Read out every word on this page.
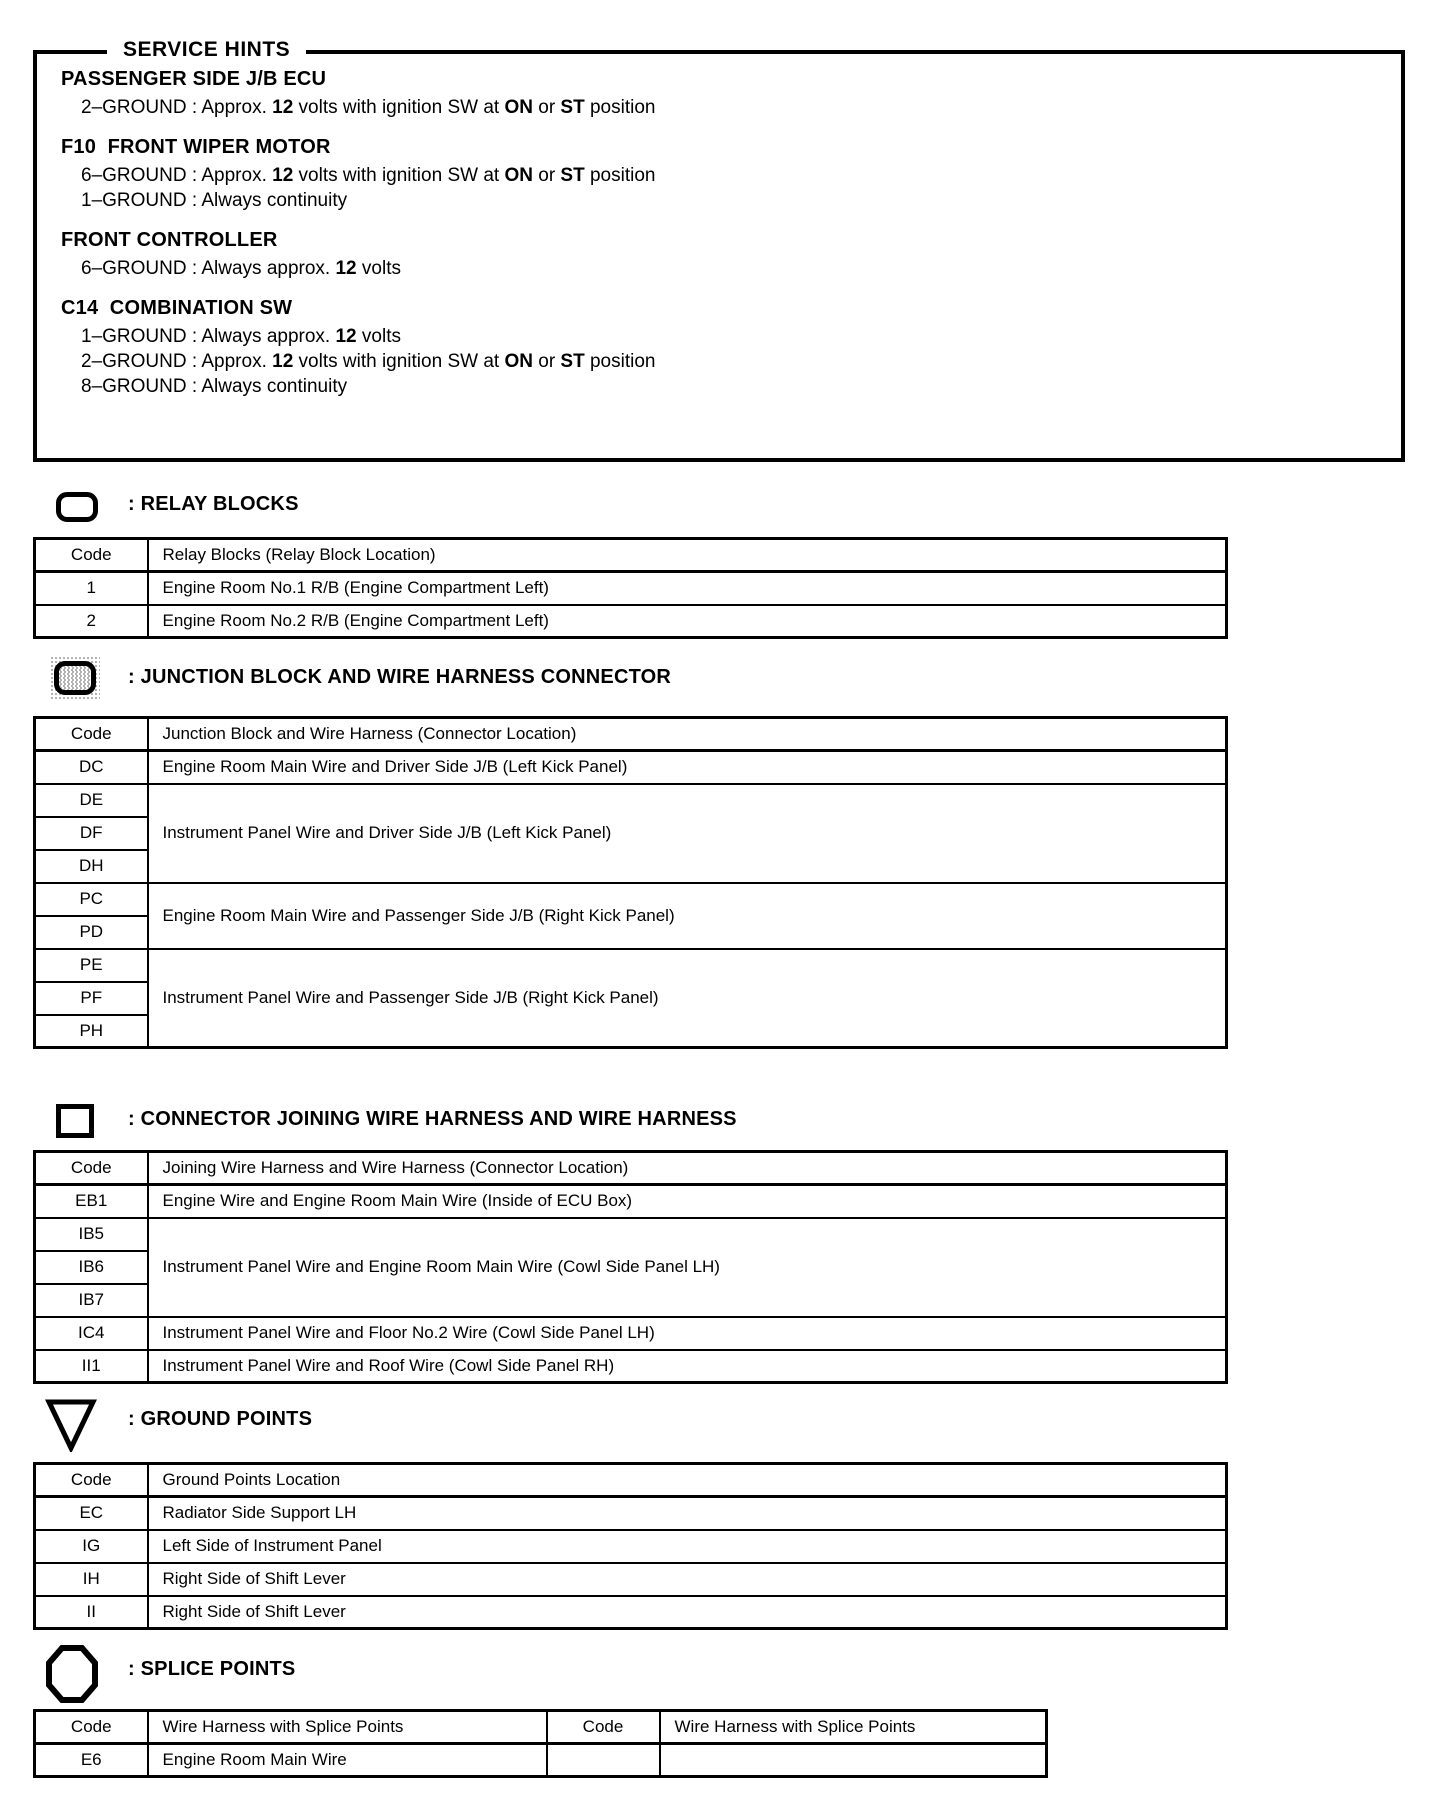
SERVICE HINTS
PASSENGER SIDE J/B ECU
2–GROUND : Approx. 12 volts with ignition SW at ON or ST position
F10  FRONT WIPER MOTOR
6–GROUND : Approx. 12 volts with ignition SW at ON or ST position
1–GROUND : Always continuity
FRONT CONTROLLER
6–GROUND : Always approx. 12 volts
C14  COMBINATION SW
1–GROUND : Always approx. 12 volts
2–GROUND : Approx. 12 volts with ignition SW at ON or ST position
8–GROUND : Always continuity
: RELAY BLOCKS
Code	Relay Blocks (Relay Block Location)
1	Engine Room No.1 R/B (Engine Compartment Left)
2	Engine Room No.2 R/B (Engine Compartment Left)
: JUNCTION BLOCK AND WIRE HARNESS CONNECTOR
Code	Junction Block and Wire Harness (Connector Location)
DC	Engine Room Main Wire and Driver Side J/B (Left Kick Panel)
DE	Instrument Panel Wire and Driver Side J/B (Left Kick Panel)
DF	
DH	
PC	Engine Room Main Wire and Passenger Side J/B (Right Kick Panel)
PD	
PE	Instrument Panel Wire and Passenger Side J/B (Right Kick Panel)
PF	
PH	
: CONNECTOR JOINING WIRE HARNESS AND WIRE HARNESS
Code	Joining Wire Harness and Wire Harness (Connector Location)
EB1	Engine Wire and Engine Room Main Wire (Inside of ECU Box)
IB5	Instrument Panel Wire and Engine Room Main Wire (Cowl Side Panel LH)
IB6	
IB7	
IC4	Instrument Panel Wire and Floor No.2 Wire (Cowl Side Panel LH)
II1	Instrument Panel Wire and Roof Wire (Cowl Side Panel RH)
: GROUND POINTS
Code	Ground Points Location
EC	Radiator Side Support LH
IG	Left Side of Instrument Panel
IH	Right Side of Shift Lever
II	Right Side of Shift Lever
: SPLICE POINTS
Code	Wire Harness with Splice Points	Code	Wire Harness with Splice Points
E6	Engine Room Main Wire		
